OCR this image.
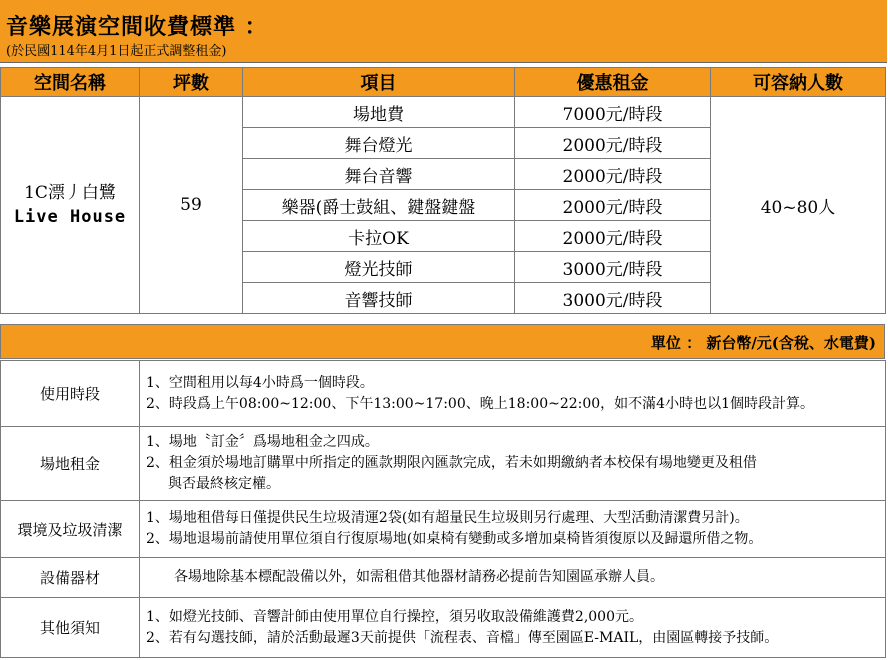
音樂展演空間收費標準 ：
(於民國114年4月1日起正式調整租金)
空間名稱	坪數	項目	優惠租金	可容納人數

1C漂丿白鷺
Live House	59	場地費	7000元/時段	40~80人
		舞台燈光	2000元/時段	
		舞台音響	2000元/時段	
		樂器(爵士鼓組、鍵盤鍵盤	2000元/時段	
		卡拉OK	2000元/時段	
		燈光技師	3000元/時段	
		音響技師	3000元/時段	
單位 ： 新台幣/元(含稅、水電費)
使用時段	1、空間租用以每4小時爲一個時段。
2、時段爲上午08:00~12:00、下午13:00~17:00、晚上18:00~22:00，如不滿4小時也以1個時段計算。

場地租金	1、場地〝訂金〞爲場地租金之四成。
2、租金須於場地訂購單中所指定的匯款期限內匯款完成，若未如期繳納者本校保有場地變更及租借
與否最終核定權。

環境及垃圾清潔	1、場地租借每日僅提供民生垃圾清運2袋(如有超量民生垃圾則另行處理、大型活動清潔費另計)。
2、場地退場前請使用單位須自行復原場地(如桌椅有變動或多增加桌椅皆須復原以及歸還所借之物。

設備器材	各場地除基本標配設備以外，如需租借其他器材請務必提前告知園區承辦人員。

其他須知	1、如燈光技師、音響計師由使用單位自行操控，須另收取設備維護費2,000元。
2、若有勾選技師，請於活動最遲3天前提供「流程表、音檔」傳至園區E-MAIL，由園區轉接予技師。
